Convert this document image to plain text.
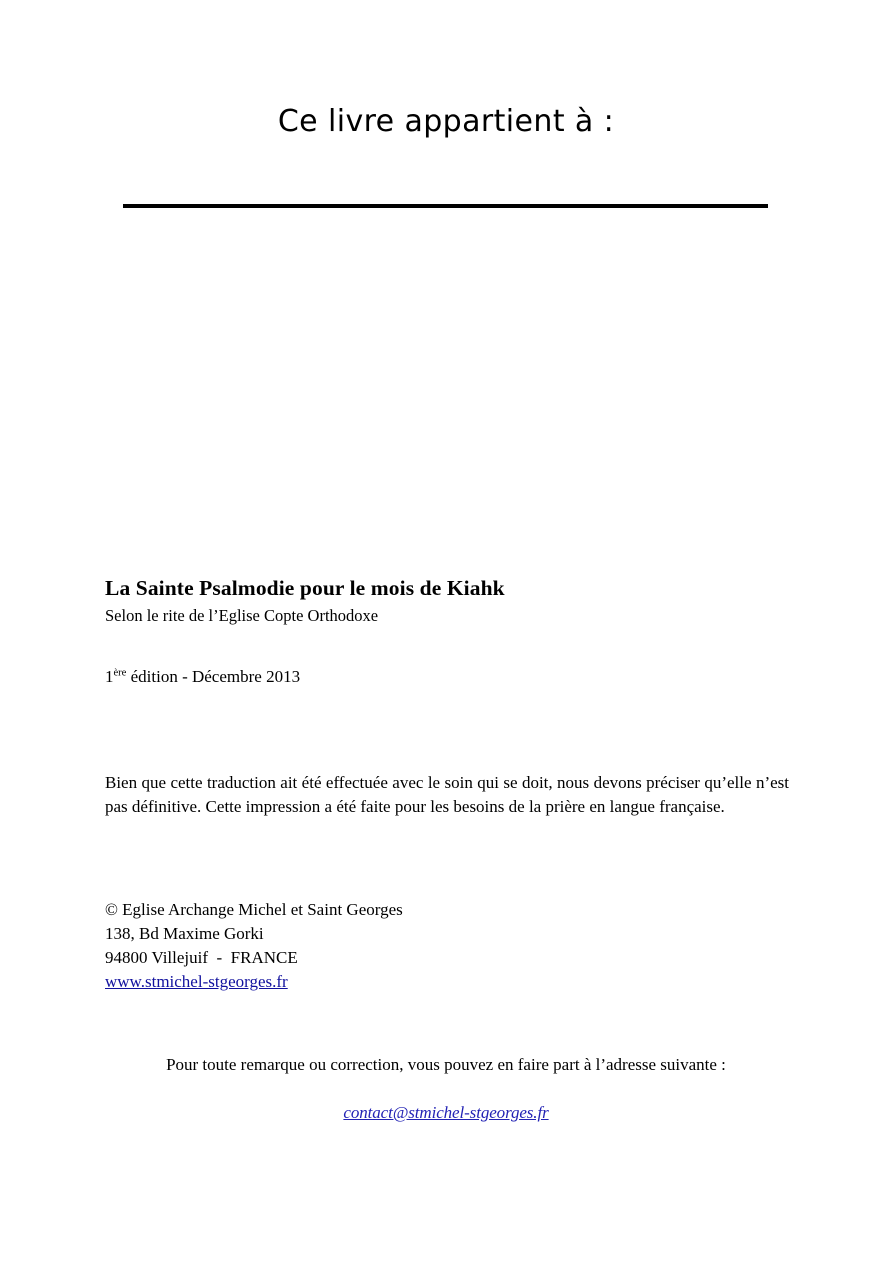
Ce livre appartient à :
La Sainte Psalmodie pour le mois de Kiahk
Selon le rite de l’Eglise Copte Orthodoxe
1ère édition - Décembre 2013
Bien que cette traduction ait été effectuée avec le soin qui se doit, nous devons préciser qu’elle n’est pas définitive. Cette impression a été faite pour les besoins de la prière en langue française.
© Eglise Archange Michel et Saint Georges
138, Bd Maxime Gorki
94800 Villejuif  -  FRANCE
www.stmichel-stgeorges.fr
Pour toute remarque ou correction, vous pouvez en faire part à l’adresse suivante :
contact@stmichel-stgeorges.fr
